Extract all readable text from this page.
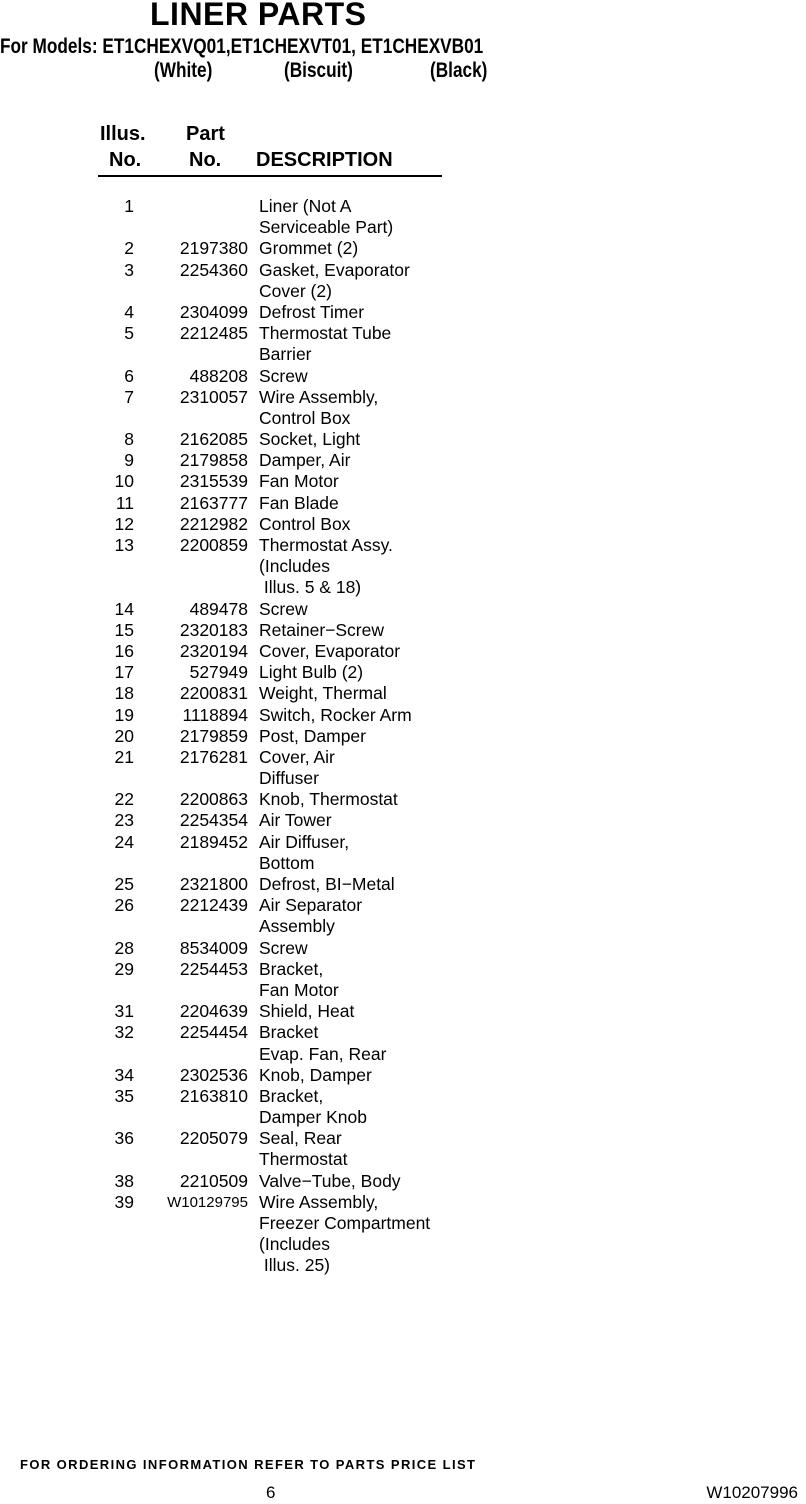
LINER PARTS
For Models: ET1CHEXVQ01,ET1CHEXVT01, ET1CHEXVB01
(White)	(Biscuit)	(Black)
Illus.
No.
Part
No. DESCRIPTION
1	Liner (Not A
Serviceable Part)
2	2197380 Grommet (2)
3	2254360 Gasket, Evaporator
Cover (2)
4	2304099 Defrost Timer
5	2212485 Thermostat Tube
Barrier
6	488208 Screw
7	2310057 Wire Assembly,
Control Box
8	2162085 Socket, Light
9	2179858 Damper, Air
10	2315539 Fan Motor
11	2163777 Fan Blade
12	2212982 Control Box
13	2200859 Thermostat Assy.
(Includes
Illus. 5 & 18)
14	489478 Screw
15	2320183 Retainer−Screw
16	2320194 Cover, Evaporator
17	527949 Light Bulb (2)
18	2200831 Weight, Thermal
19	1118894 Switch, Rocker Arm
20	2179859 Post, Damper
21	2176281 Cover, Air
Diffuser
22	2200863 Knob, Thermostat
23	2254354 Air Tower
24	2189452 Air Diffuser,
Bottom
25	2321800 Defrost, BI−Metal
26	2212439 Air Separator
Assembly
28	8534009 Screw
29	2254453 Bracket,
Fan Motor
31	2204639 Shield, Heat
32	2254454 Bracket
Evap. Fan, Rear
34	2302536 Knob, Damper
35	2163810 Bracket,
Damper Knob
36	2205079 Seal, Rear
Thermostat
38	2210509 Valve−Tube, Body
39 W10129795 Wire Assembly,
Freezer Compartment
(Includes
Illus. 25)
FOR ORDERING INFORMATION REFER TO PARTS PRICE LIST
6	W10207996
